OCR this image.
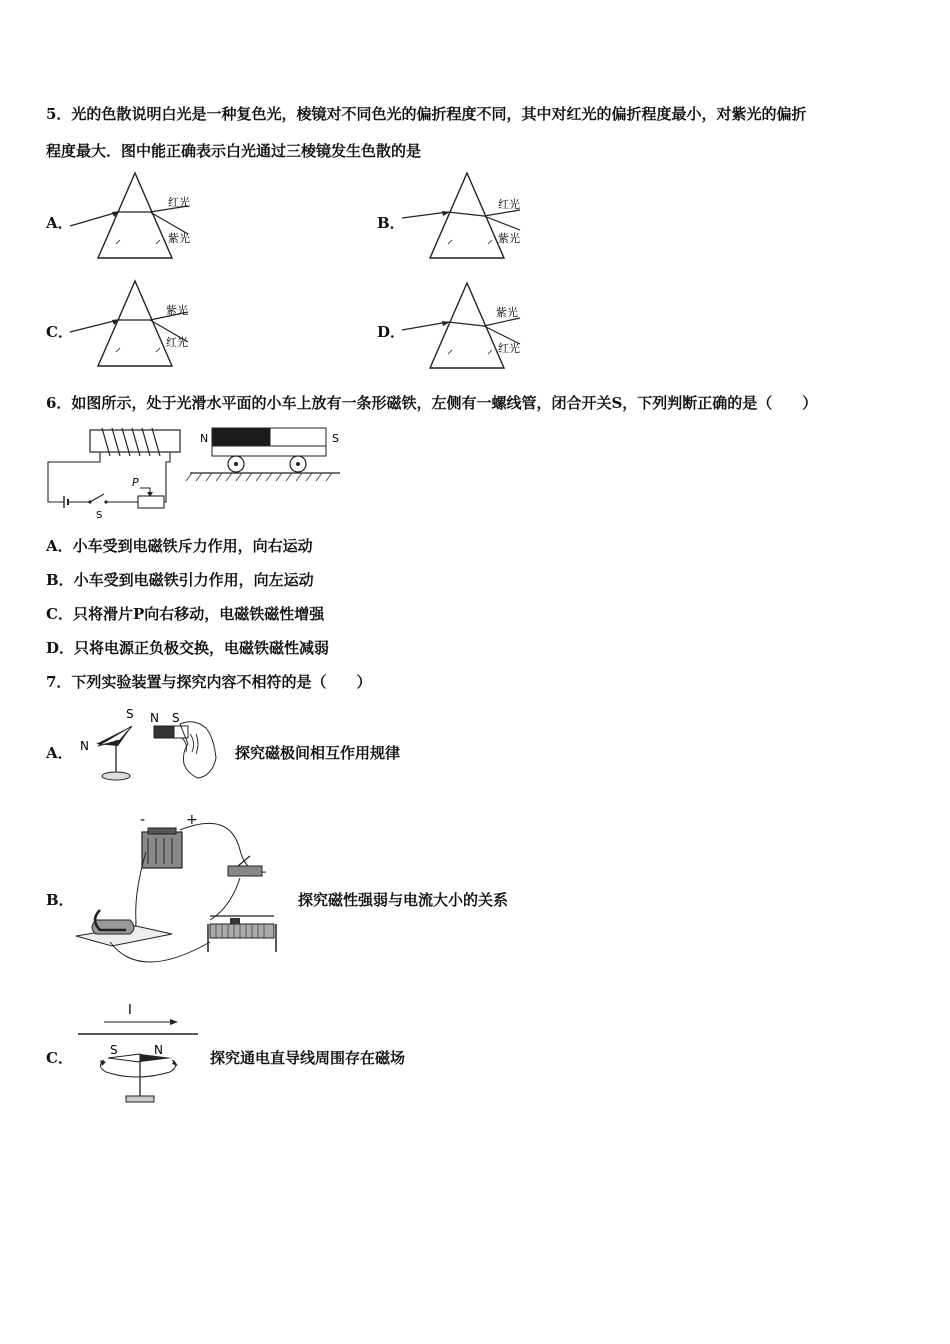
5．光的色散说明白光是一种复色光，棱镜对不同色光的偏折程度不同，其中对红光的偏折程度最小，对紫光的偏折
程度最大．图中能正确表示白光通过三棱镜发生色散的是
A．
红光
紫光
B．
红光
紫光
C．
紫光
红光
D．
紫光
红光
6．如图所示，处于光滑水平面的小车上放有一条形磁铁，左侧有一螺线管，闭合开关S，下列判断正确的是（　　）
P
S
N	S
A．小车受到电磁铁斥力作用，向右运动
B．小车受到电磁铁引力作用，向左运动
C．只将滑片P向右移动，电磁铁磁性增强
D．只将电源正负极交换，电磁铁磁性减弱
7．下列实验装置与探究内容不相符的是（　　）
A．
S
N
N S
探究磁极间相互作用规律
B．
-	+
探究磁性强弱与电流大小的关系
C．
I
S	N	探究通电直导线周围存在磁场
